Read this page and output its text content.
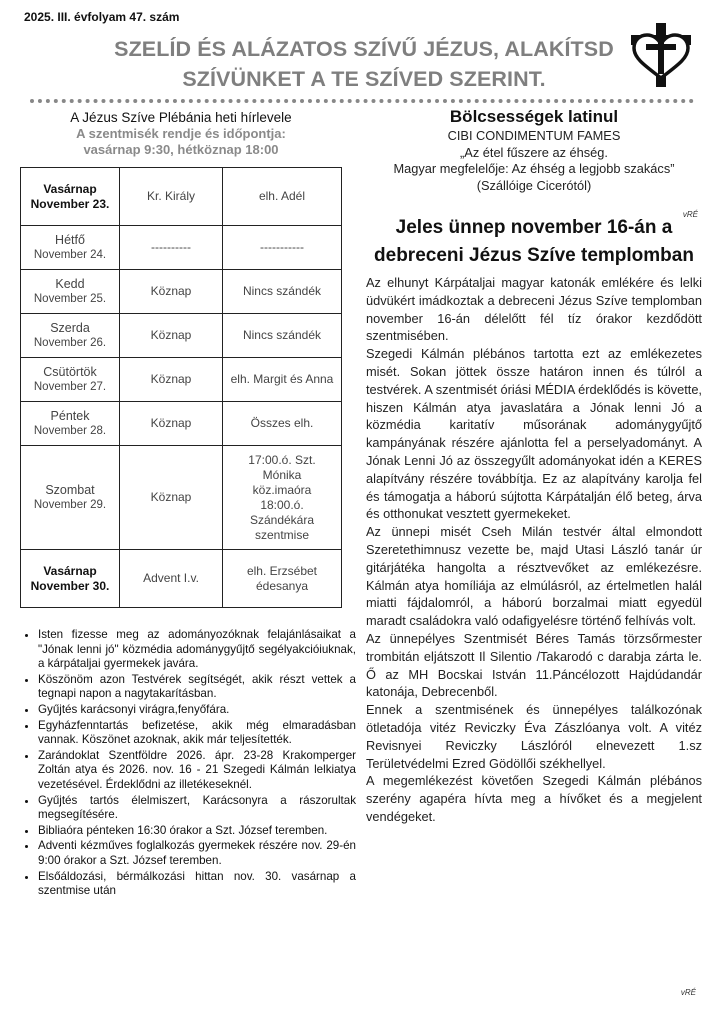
2025. III. évfolyam 47. szám
SZELÍD ÉS ALÁZATOS SZÍVŰ JÉZUS, ALAKÍTSD
SZÍVÜNKET A TE SZÍVED SZERINT.
A Jézus Szíve Plébánia heti hírlevele
A szentmisék rendje és időpontja:
vasárnap 9:30, hétköznap 18:00
Vasárnap
November 23.	Kr. Király	elh. Adél

Hétfő
November 24.	----------	-----------

Kedd
November 25.	Köznap	Nincs szándék

Szerda
November 26.	Köznap	Nincs szándék

Csütörtök
November 27.	Köznap	elh. Margit és Anna

Péntek
November 28.	Köznap	Összes elh.

Szombat
November 29.	Köznap	17:00.ó. Szt. Mónika köz.imaóra 18:00.ó. Szándékára szentmise

Vasárnap
November 30.	Advent I.v.	elh. Erzsébet édesanya
• Isten fizesse meg az adományozóknak felajánlásaikat a "Jónak lenni jó" közmédia adománygyűjtő segélyakcióiuknak, a kárpátaljai gyermekek javára.
• Köszönöm azon Testvérek segítségét, akik részt vettek a tegnapi napon a nagytakarításban.
• Gyűjtés karácsonyi virágra,fenyőfára.
• Egyházfenntartás befizetése, akik még elmaradásban vannak. Köszönet azoknak, akik már teljesítették.
• Zarándoklat Szentföldre 2026. ápr. 23-28 Krakomperger Zoltán atya és 2026. nov. 16 - 21 Szegedi Kálmán lelkiatya vezetésével. Érdeklődni az illetékeseknél.
• Gyűjtés tartós élelmiszert, Karácsonyra a rászorultak megsegítésére.
• Bibliaóra pénteken 16:30 órakor a Szt. József teremben.
• Adventi kézműves foglalkozás gyermekek részére nov. 29-én 9:00 órakor a Szt. József teremben.
• Elsőáldozási, bérmálkozási hittan nov. 30. vasárnap a szentmise után
Bölcsességek latinul
CIBI CONDIMENTUM FAMES
„Az étel fűszere az éhség.
Magyar megfelelője: Az éhség a legjobb szakács”
(Szállóige Cicerótól)
Jeles ünnep november 16-án a
debreceni Jézus Szíve templomban

Az elhunyt Kárpátaljai magyar katonák emlékére és lelki üdvükért imádkoztak a debreceni Jézus Szíve templomban november 16-án délelőtt fél tíz órakor kezdődött szentmisében.

Szegedi Kálmán plébános tartotta ezt az emlékezetes misét. Sokan jöttek össze határon innen és túlról a testvérek. A szentmisét óriási MÉDIA érdeklődés is követte, hiszen Kálmán atya javaslatára a Jónak lenni Jó a közmédia karitatív műsorának adománygyűjtő kampányának részére ajánlotta fel a perselyadományt. A Jónak Lenni Jó az összegyűlt adományokat idén a KERES alapítvány részére továbbítja. Ez az alapítvány karolja fel és támogatja a háború sújtotta Kárpátalján élő beteg, árva és otthonukat vesztett gyermekeket.

Az ünnepi misét Cseh Milán testvér által elmondott Szeretethimnusz vezette be, majd Utasi László tanár úr gitárjátéka hangolta a résztvevőket az emlékezésre. Kálmán atya homíliája az elmúlásról, az értelmetlen halál miatti fájdalomról, a háború borzalmai miatt egyedül maradt családokra való odafigyelésre történő felhívás volt.

Az ünnepélyes Szentmisét Béres Tamás törzsőrmester trombitán eljátszott Il Silentio /Takarodó c darabja zárta le. Ő az MH Bocskai István 11.Páncélozott Hajdúdandár katonája, Debrecenből.

Ennek a szentmisének és ünnepélyes találkozónak ötletadója vitéz Reviczky Éva Zászlóanya volt. A vitéz Revisnyei Reviczky Lászlóról elnevezett 1.sz Területvédelmi Ezred Gödöllői székhellyel.

A megemlékezést követően Szegedi Kálmán plébános szerény agapéra hívta meg a hívőket és a megjelent vendégeket.

vRÉ
vRÉ
